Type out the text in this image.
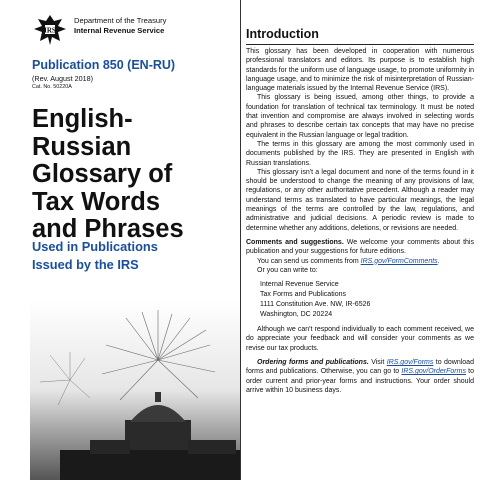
IRS
Department of the Treasury
Internal Revenue Service
Publication 850 (EN-RU)
(Rev. August 2018)
Cat. No. 50220A
English-
Russian
Glossary of
Tax Words
and Phrases
Used in Publications
Issued by the IRS
Introduction

This glossary has been developed in cooperation with numerous professional translators and editors. Its purpose is to establish high standards for the uniform use of language usage, to promote uniformity in language usage, and to minimize the risk of misinterpretation of Russian-language materials issued by the Internal Revenue Service (IRS).

This glossary is being issued, among other things, to provide a foundation for translation of technical tax terminology. It must be noted that invention and compromise are always involved in selecting words and phrases to describe certain tax concepts that may have no precise equivalent in the Russian language or legal tradition.

The terms in this glossary are among the most commonly used in documents published by the IRS. They are presented in English with Russian translations.

This glossary isn't a legal document and none of the terms found in it should be understood to change the meaning of any provisions of law, regulations, or any other authoritative precedent. Although a reader may understand terms as translated to have particular meanings, the legal meanings of the terms are controlled by the law, regulations, and administrative and judicial decisions. A periodic review is made to determine whether any additions, deletions, or revisions are needed.

Comments and suggestions. We welcome your comments about this publication and your suggestions for future editions.

You can send us comments from IRS.gov/FormComments.

Or you can write to:

Internal Revenue Service

Tax Forms and Publications

1111 Constitution Ave. NW, IR-6526

Washington, DC 20224

Although we can't respond individually to each comment received, we do appreciate your feedback and will consider your comments as we revise our tax products.

Ordering forms and publications. Visit IRS.gov/Forms to download forms and publications. Otherwise, you can go to IRS.gov/OrderForms to order current and prior-year forms and instructions. Your order should arrive within 10 business days.
